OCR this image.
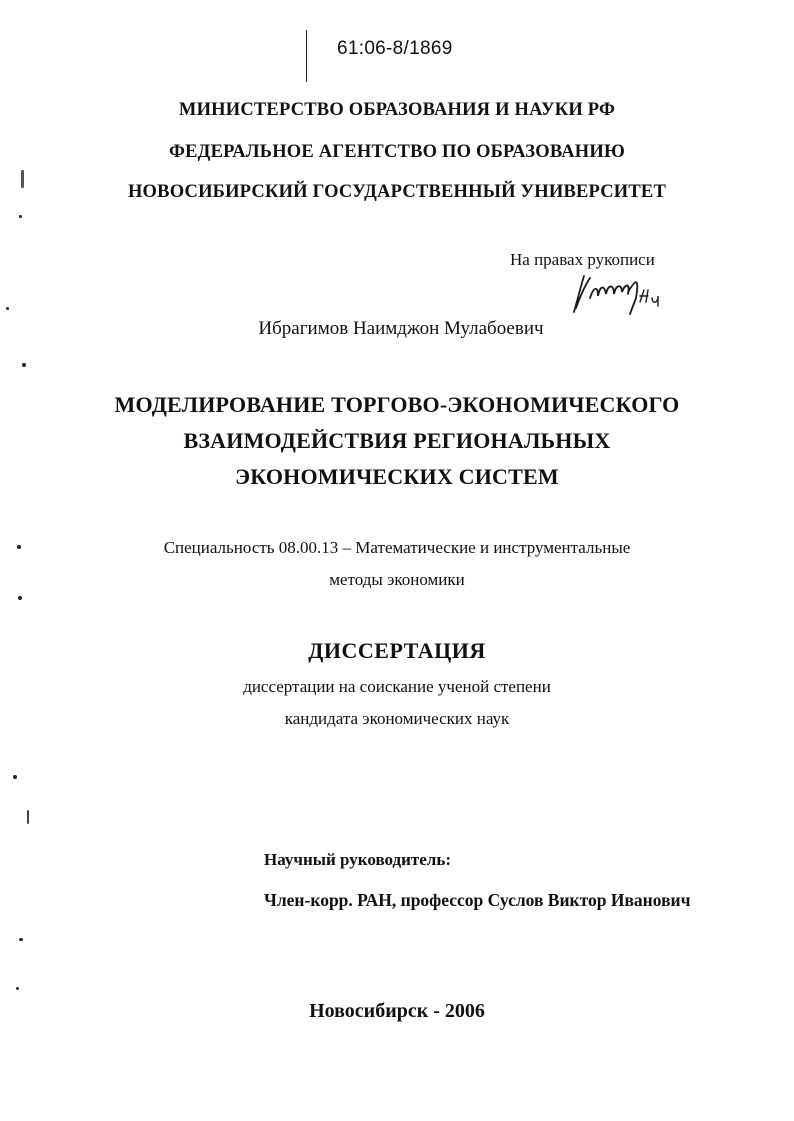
61:06-8/1869
МИНИСТЕРСТВО ОБРАЗОВАНИЯ И НАУКИ РФ
ФЕДЕРАЛЬНОЕ АГЕНТСТВО ПО ОБРАЗОВАНИЮ
НОВОСИБИРСКИЙ ГОСУДАРСТВЕННЫЙ УНИВЕРСИТЕТ
На правах рукописи
Ибрагимов Наимджон Мулабоевич
МОДЕЛИРОВАНИЕ ТОРГОВО-ЭКОНОМИЧЕСКОГО
ВЗАИМОДЕЙСТВИЯ РЕГИОНАЛЬНЫХ
ЭКОНОМИЧЕСКИХ СИСТЕМ
Специальность 08.00.13 – Математические и инструментальные
методы экономики
ДИССЕРТАЦИЯ
диссертации на соискание ученой степени
кандидата экономических наук
Научный руководитель:
Член-корр. РАН, профессор Суслов Виктор Иванович
Новосибирск - 2006
